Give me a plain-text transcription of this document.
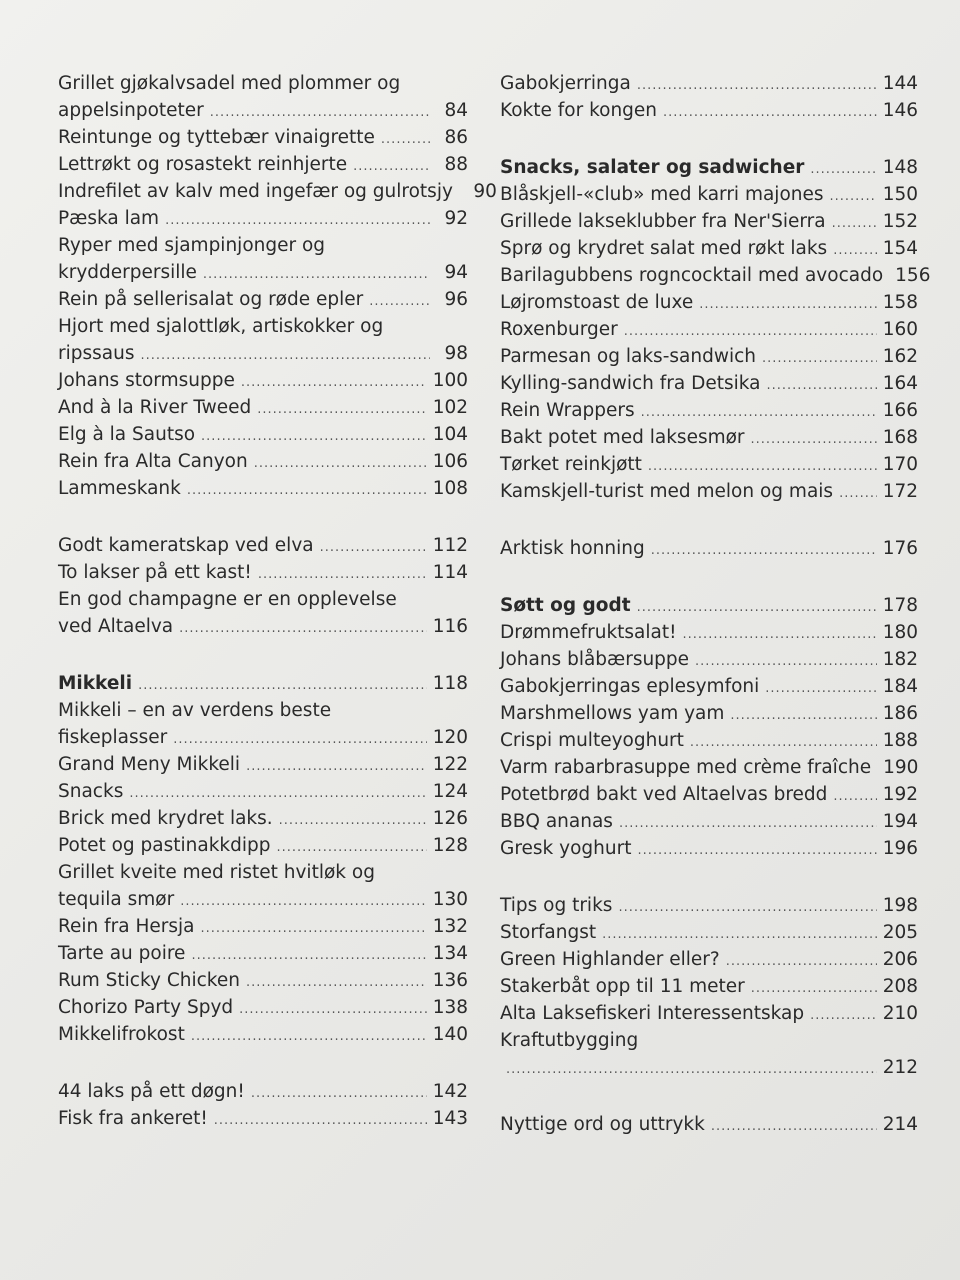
Grillet gjøkalvsadel med plommer og
appelsinpoteter .....	84
Reintunge og tyttebær vinaigrette .....	86
Lettrøkt og rosastekt reinhjerte .....	88
Indrefilet av kalv med ingefær og gulrotsjy	90
Pæska lam .....	92
Ryper med sjampinjonger og
krydderpersille .....	94
Rein på sellerisalat og røde epler .....	96
Hjort med sjalottløk, artiskokker og
ripssaus .....	98
Johans stormsuppe .....	100
And à la River Tweed .....	102
Elg à la Sautso .....	104
Rein fra Alta Canyon .....	106
Lammeskank .....	108
Godt kameratskap ved elva .....	112
To lakser på ett kast! .....	114
En god champagne er en opplevelse
ved Altaelva .....	116
Mikkeli .....	118
Mikkeli – en av verdens beste
fiskeplasser .....	120
Grand Meny Mikkeli .....	122
Snacks .....	124
Brick med krydret laks. .....	126
Potet og pastinakkdipp .....	128
Grillet kveite med ristet hvitløk og
tequila smør .....	130
Rein fra Hersja .....	132
Tarte au poire .....	134
Rum Sticky Chicken .....	136
Chorizo Party Spyd .....	138
Mikkelifrokost .....	140
44 laks på ett døgn! .....	142
Fisk fra ankeret! .....	143
Gabokjerringa .....	144
Kokte for kongen .....	146
Snacks, salater og sadwicher .....	148
Blåskjell-«club» med karri majones .....	150
Grillede lakseklubber fra Ner'Sierra .....	152
Sprø og krydret salat med røkt laks .....	154
Barilagubbens rogncocktail med avocado 156
Løjromstoast de luxe .....	158
Roxenburger .....	160
Parmesan og laks-sandwich .....	162
Kylling-sandwich fra Detsika .....	164
Rein Wrappers .....	166
Bakt potet med laksesmør .....	168
Tørket reinkjøtt .....	170
Kamskjell-turist med melon og mais .....	172
Arktisk honning .....	176
Søtt og godt .....	178
Drømmefruktsalat! .....	180
Johans blåbærsuppe .....	182
Gabokjerringas eplesymfoni .....	184
Marshmellows yam yam .....	186
Crispi multeyoghurt .....	188
Varm rabarbrasuppe med crème fraîche 190
Potetbrød bakt ved Altaelvas bredd .....	192
BBQ ananas .....	194
Gresk yoghurt .....	196
Tips og triks .....	198
Storfangst .....	205
Green Highlander eller? .....	206
Stakerbåt opp til 11 meter .....	208
Alta Laksefiskeri Interessentskap .....	210
Kraftutbygging
.....
212
Nyttige ord og uttrykk .....	214
